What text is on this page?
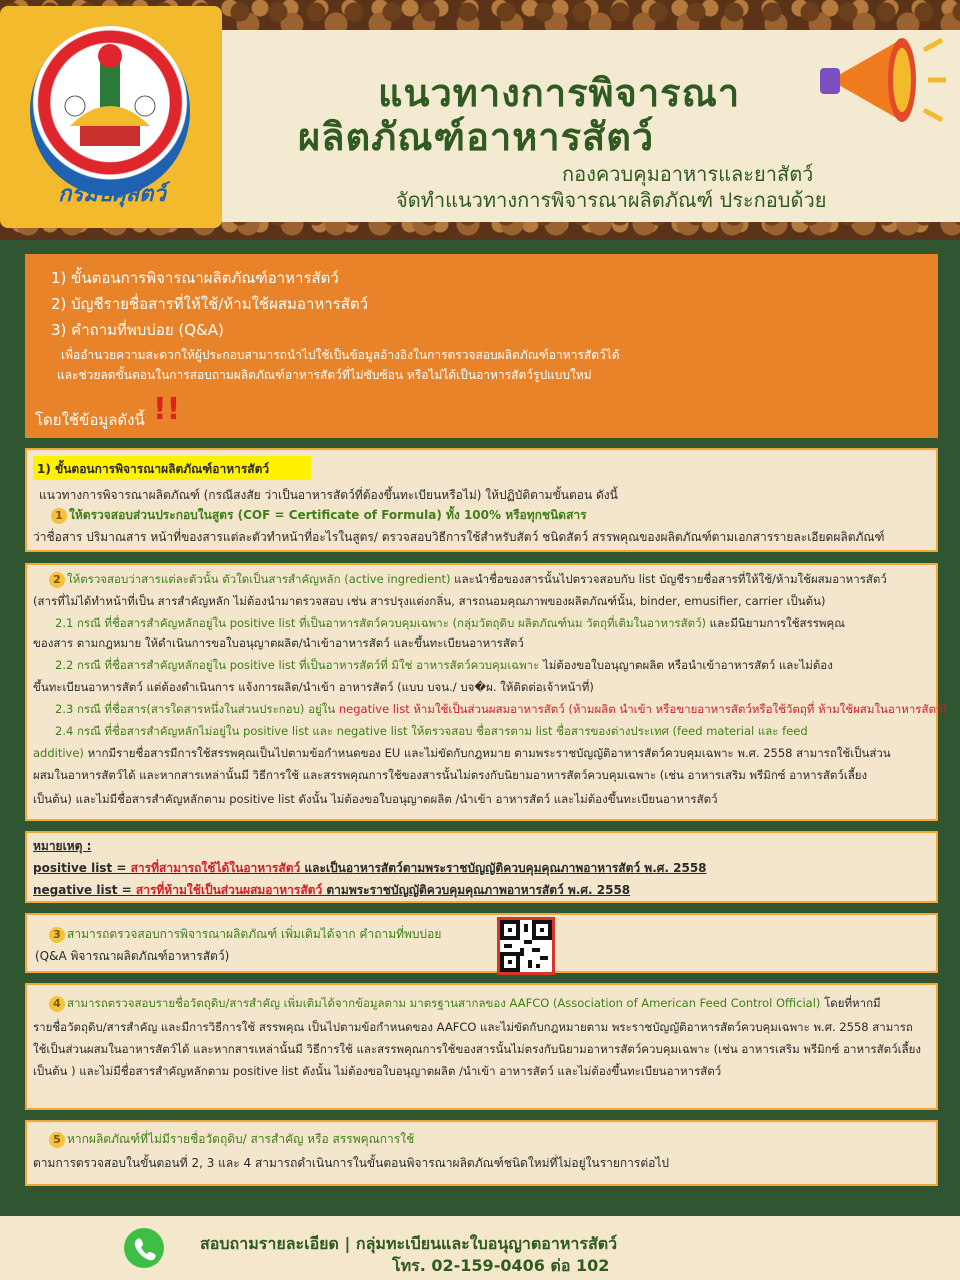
กรมปศุสัตว์
แนวทางการพิจารณา
ผลิตภัณฑ์อาหารสัตว์
กองควบคุมอาหารและยาสัตว์
จัดทำแนวทางการพิจารณาผลิตภัณฑ์ ประกอบด้วย
1) ขั้นตอนการพิจารณาผลิตภัณฑ์อาหารสัตว์
2) บัญชีรายชื่อสารที่ให้ใช้/ห้ามใช้ผสมอาหารสัตว์
3) คำถามที่พบบ่อย (Q&A)
เพื่ออำนวยความสะดวกให้ผู้ประกอบสามารถนำไปใช้เป็นข้อมูลอ้างอิงในการตรวจสอบผลิตภัณฑ์อาหารสัตว์ได้
และช่วยลดขั้นตอนในการสอบถามผลิตภัณฑ์อาหารสัตว์ที่ไม่ซับซ้อน หรือไม่ได้เป็นอาหารสัตว์รูปแบบใหม่
โดยใช้ข้อมูลดังนี้ !!
1) ขั้นตอนการพิจารณาผลิตภัณฑ์อาหารสัตว์
แนวทางการพิจารณาผลิตภัณฑ์ (กรณีสงสัย ว่าเป็นอาหารสัตว์ที่ต้องขึ้นทะเบียนหรือไม่) ให้ปฏิบัติตามขั้นตอน ดังนี้
1 ให้ตรวจสอบส่วนประกอบในสูตร (COF = Certificate of Formula) ทั้ง 100% หรือทุกชนิดสาร
ว่าชื่อสาร ปริมาณสาร หน้าที่ของสารแต่ละตัวทำหน้าที่อะไรในสูตร/ ตรวจสอบวิธีการใช้สำหรับสัตว์ ชนิดสัตว์ สรรพคุณของผลิตภัณฑ์ตามเอกสารรายละเอียดผลิตภัณฑ์
2 ให้ตรวจสอบว่าสารแต่ละตัวนั้น ตัวใดเป็นสารสำคัญหลัก (active ingredient) และนำชื่อของสารนั้นไปตรวจสอบกับ list บัญชีรายชื่อสารที่ให้ใช้/ห้ามใช้ผสมอาหารสัตว์
(สารที่ไม่ได้ทำหน้าที่เป็น สารสำคัญหลัก ไม่ต้องนำมาตรวจสอบ เช่น สารปรุงแต่งกลิ่น, สารถนอมคุณภาพของผลิตภัณฑ์นั้น, binder, emusifier, carrier เป็นต้น)
2.1 กรณี ที่ชื่อสารสำคัญหลักอยู่ใน positive list ที่เป็นอาหารสัตว์ควบคุมเฉพาะ (กลุ่มวัตถุดิบ ผลิตภัณฑ์นม วัตถุที่เติมในอาหารสัตว์) และมีนิยามการใช้สรรพคุณ
ของสาร ตามกฎหมาย ให้ดำเนินการขอใบอนุญาตผลิต/นำเข้าอาหารสัตว์ และขึ้นทะเบียนอาหารสัตว์
2.2 กรณี ที่ชื่อสารสำคัญหลักอยู่ใน positive list ที่เป็นอาหารสัตว์ที่ มิใช่ อาหารสัตว์ควบคุมเฉพาะ ไม่ต้องขอใบอนุญาตผลิต หรือนำเข้าอาหารสัตว์ และไม่ต้อง
ขึ้นทะเบียนอาหารสัตว์ แต่ต้องดำเนินการ แจ้งการผลิต/นำเข้า อาหารสัตว์ (แบบ บจน./ บจ�ผ. ให้ติดต่อเจ้าหน้าที่)
2.3 กรณี ที่ชื่อสาร(สารใดสารหนึ่งในส่วนประกอบ) อยู่ใน negative list ห้ามใช้เป็นส่วนผสมอาหารสัตว์ (ห้ามผลิต นำเข้า หรือขายอาหารสัตว์หรือใช้วัตถุที่ ห้ามใช้ผสมในอาหารสัตว์)
2.4 กรณี ที่ชื่อสารสำคัญหลักไม่อยู่ใน positive list และ negative list ให้ตรวจสอบ ชื่อสารตาม list ชื่อสารของต่างประเทศ (feed material และ feed
additive) หากมีรายชื่อสารมีการใช้สรรพคุณเป็นไปตามข้อกำหนดของ EU และไม่ขัดกับกฎหมาย ตามพระราชบัญญัติอาหารสัตว์ควบคุมเฉพาะ พ.ศ. 2558 สามารถใช้เป็นส่วน
ผสมในอาหารสัตว์ได้ และหากสารเหล่านั้นมี วิธีการใช้ และสรรพคุณการใช้ของสารนั้นไม่ตรงกับนิยามอาหารสัตว์ควบคุมเฉพาะ (เช่น อาหารเสริม พรีมิกซ์ อาหารสัตว์เลี้ยง
เป็นต้น) และไม่มีชื่อสารสำคัญหลักตาม positive list ดังนั้น ไม่ต้องขอใบอนุญาตผลิต /นำเข้า อาหารสัตว์ และไม่ต้องขึ้นทะเบียนอาหารสัตว์
หมายเหตุ :
positive list = สารที่สามารถใช้ได้ในอาหารสัตว์ และเป็นอาหารสัตว์ตามพระราชบัญญัติควบคุมคุณภาพอาหารสัตว์ พ.ศ. 2558
negative list = สารที่ห้ามใช้เป็นส่วนผสมอาหารสัตว์ ตามพระราชบัญญัติควบคุมคุณภาพอาหารสัตว์ พ.ศ. 2558
3 สามารถตรวจสอบการพิจารณาผลิตภัณฑ์ เพิ่มเติมได้จาก คำถามที่พบบ่อย
(Q&A พิจารณาผลิตภัณฑ์อาหารสัตว์)
4 สามารถตรวจสอบรายชื่อวัตถุดิบ/สารสำคัญ เพิ่มเติมได้จากข้อมูลตาม มาตรฐานสากลของ AAFCO (Association of American Feed Control Official) โดยที่หากมี
รายชื่อวัตถุดิบ/สารสำคัญ และมีการวิธีการใช้ สรรพคุณ เป็นไปตามข้อกำหนดของ AAFCO และไม่ขัดกับกฎหมายตาม พระราชบัญญัติอาหารสัตว์ควบคุมเฉพาะ พ.ศ. 2558 สามารถ
ใช้เป็นส่วนผสมในอาหารสัตว์ได้ และหากสารเหล่านั้นมี วิธีการใช้ และสรรพคุณการใช้ของสารนั้นไม่ตรงกับนิยามอาหารสัตว์ควบคุมเฉพาะ (เช่น อาหารเสริม พรีมิกซ์ อาหารสัตว์เลี้ยง
เป็นต้น ) และไม่มีชื่อสารสำคัญหลักตาม positive list ดังนั้น ไม่ต้องขอใบอนุญาตผลิต /นำเข้า อาหารสัตว์ และไม่ต้องขึ้นทะเบียนอาหารสัตว์
5 หากผลิตภัณฑ์ที่ไม่มีรายชื่อวัตถุดิบ/ สารสำคัญ หรือ สรรพคุณการใช้
ตามการตรวจสอบในขั้นตอนที่ 2, 3 และ 4 สามารถดำเนินการในขั้นตอนพิจารณาผลิตภัณฑ์ชนิดใหม่ที่ไม่อยู่ในรายการต่อไป
สอบถามรายละเอียด | กลุ่มทะเบียนและใบอนุญาตอาหารสัตว์
โทร. 02-159-0406 ต่อ 102
